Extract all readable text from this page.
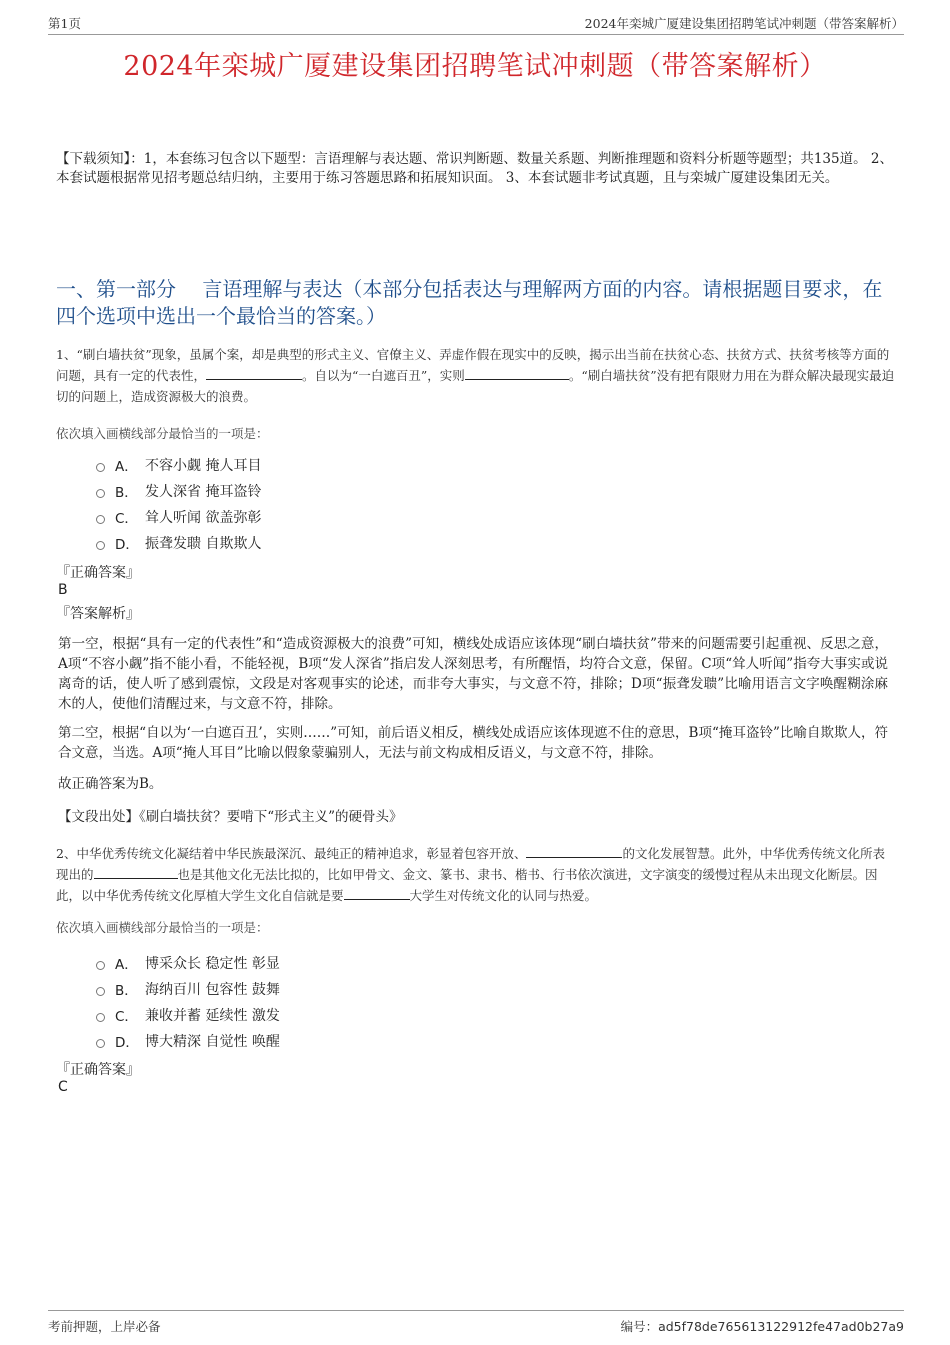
第1页	2024年栾城广厦建设集团招聘笔试冲刺题（带答案解析）
2024年栾城广厦建设集团招聘笔试冲刺题（带答案解析）
【下载须知】：1，本套练习包含以下题型：言语理解与表达题、常识判断题、数量关系题、判断推理题和资料分析题等题型；共135道。 2、本套试题根据常见招考题总结归纳，主要用于练习答题思路和拓展知识面。 3、本套试题非考试真题，且与栾城广厦建设集团无关。
一、第一部分　 言语理解与表达（本部分包括表达与理解两方面的内容。请根据题目要求，在四个选项中选出一个最恰当的答案。）
1、“刷白墙扶贫”现象，虽属个案，却是典型的形式主义、官僚主义、弄虚作假在现实中的反映，揭示出当前在扶贫心态、扶贫方式、扶贫考核等方面的问题，具有一定的代表性，	。自以为“一白遮百丑”，实则	。“刷白墙扶贫”没有把有限财力用在为群众解决最现实最迫切的问题上，造成资源极大的浪费。
依次填入画横线部分最恰当的一项是：
A． 不容小觑 掩人耳目
B． 发人深省 掩耳盗铃
C． 耸人听闻 欲盖弥彰
D． 振聋发聩 自欺欺人
『正确答案』
B
『答案解析』
第一空，根据“具有一定的代表性”和“造成资源极大的浪费”可知，横线处成语应该体现“刷白墙扶贫”带来的问题需要引起重视、反思之意，A项“不容小觑”指不能小看，不能轻视，B项“发人深省”指启发人深刻思考，有所醒悟，均符合文意，保留。C项“耸人听闻”指夸大事实或说离奇的话，使人听了感到震惊，文段是对客观事实的论述，而非夸大事实，与文意不符，排除；D项“振聋发聩”比喻用语言文字唤醒糊涂麻木的人，使他们清醒过来，与文意不符，排除。
第二空，根据“自以为‘一白遮百丑’，实则……”可知，前后语义相反，横线处成语应该体现遮不住的意思，B项“掩耳盗铃”比喻自欺欺人，符合文意，当选。A项“掩人耳目”比喻以假象蒙骗别人，无法与前文构成相反语义，与文意不符，排除。
故正确答案为B。
【文段出处】《刷白墙扶贫？要啃下“形式主义”的硬骨头》
2、中华优秀传统文化凝结着中华民族最深沉、最纯正的精神追求，彰显着包容开放、	的文化发展智慧。此外，中华优秀传统文化所表现出的	也是其他文化无法比拟的，比如甲骨文、金文、篆书、隶书、楷书、行书依次演进，文字演变的缓慢过程从未出现文化断层。因此，以中华优秀传统文化厚植大学生文化自信就是要	大学生对传统文化的认同与热爱。
依次填入画横线部分最恰当的一项是：
A． 博采众长 稳定性 彰显
B． 海纳百川 包容性 鼓舞
C． 兼收并蓄 延续性 激发
D． 博大精深 自觉性 唤醒
『正确答案』
C
考前押题，上岸必备	编号：ad5f78de765613122912fe47ad0b27a9
